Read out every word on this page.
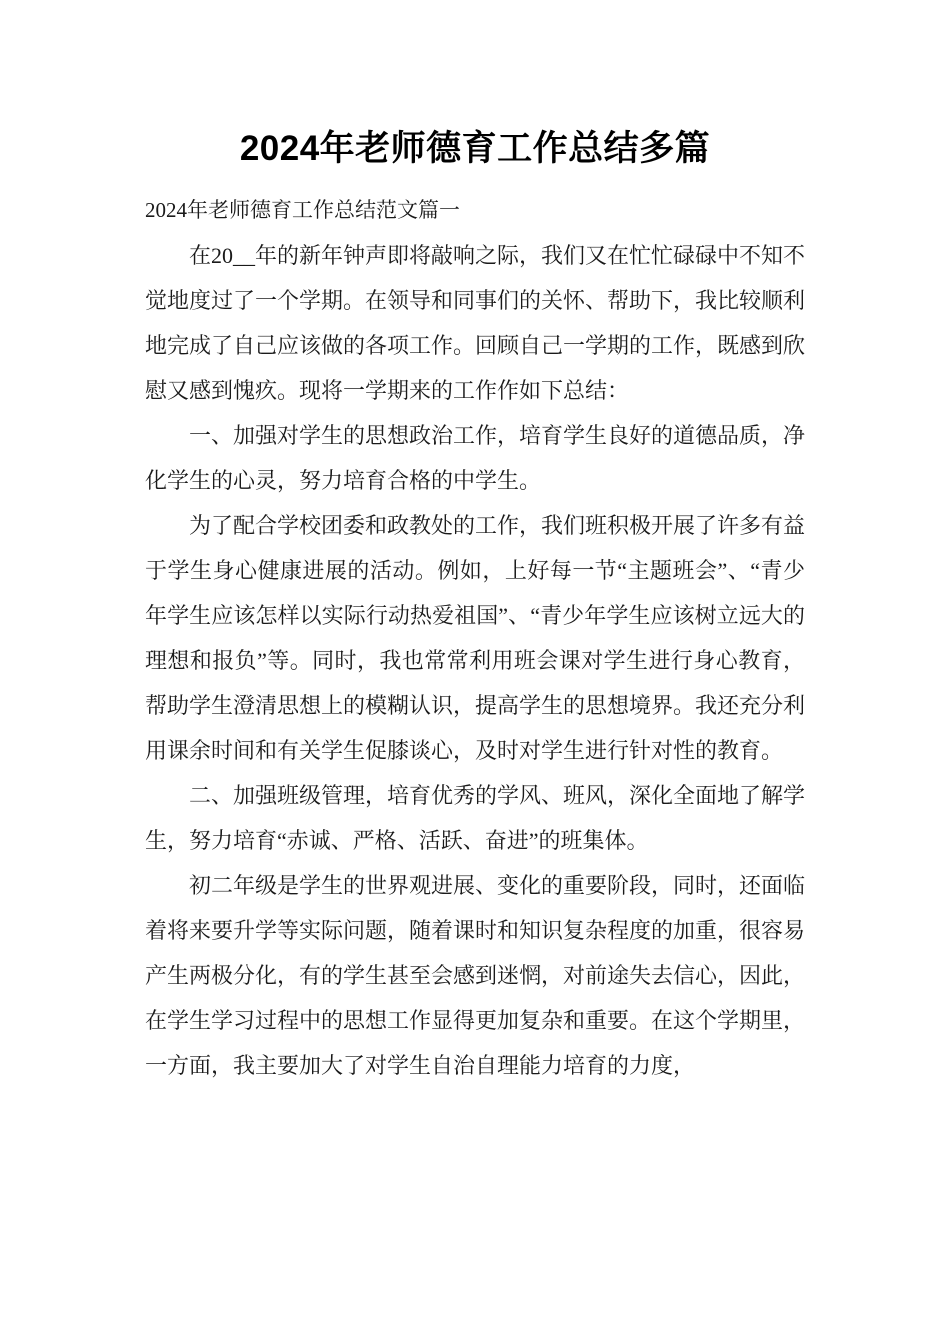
2024年老师德育工作总结多篇

2024年老师德育工作总结范文篇一

在20__年的新年钟声即将敲响之际，我们又在忙忙碌碌中不知不觉地度过了一个学期。在领导和同事们的关怀、帮助下，我比较顺利地完成了自己应该做的各项工作。回顾自己一学期的工作，既感到欣慰又感到愧疚。现将一学期来的工作作如下总结：

一、加强对学生的思想政治工作，培育学生良好的道德品质，净化学生的心灵，努力培育合格的中学生。

为了配合学校团委和政教处的工作，我们班积极开展了许多有益于学生身心健康进展的活动。例如，上好每一节“主题班会”、“青少年学生应该怎样以实际行动热爱祖国”、“青少年学生应该树立远大的理想和报负”等。同时，我也常常利用班会课对学生进行身心教育，帮助学生澄清思想上的模糊认识，提高学生的思想境界。我还充分利用课余时间和有关学生促膝谈心，及时对学生进行针对性的教育。

二、加强班级管理，培育优秀的学风、班风，深化全面地了解学生，努力培育“赤诚、严格、活跃、奋进”的班集体。

初二年级是学生的世界观进展、变化的重要阶段，同时，还面临着将来要升学等实际问题，随着课时和知识复杂程度的加重，很容易产生两极分化，有的学生甚至会感到迷惘，对前途失去信心，因此，在学生学习过程中的思想工作显得更加复杂和重要。在这个学期里，一方面，我主要加大了对学生自治自理能力培育的力度，
